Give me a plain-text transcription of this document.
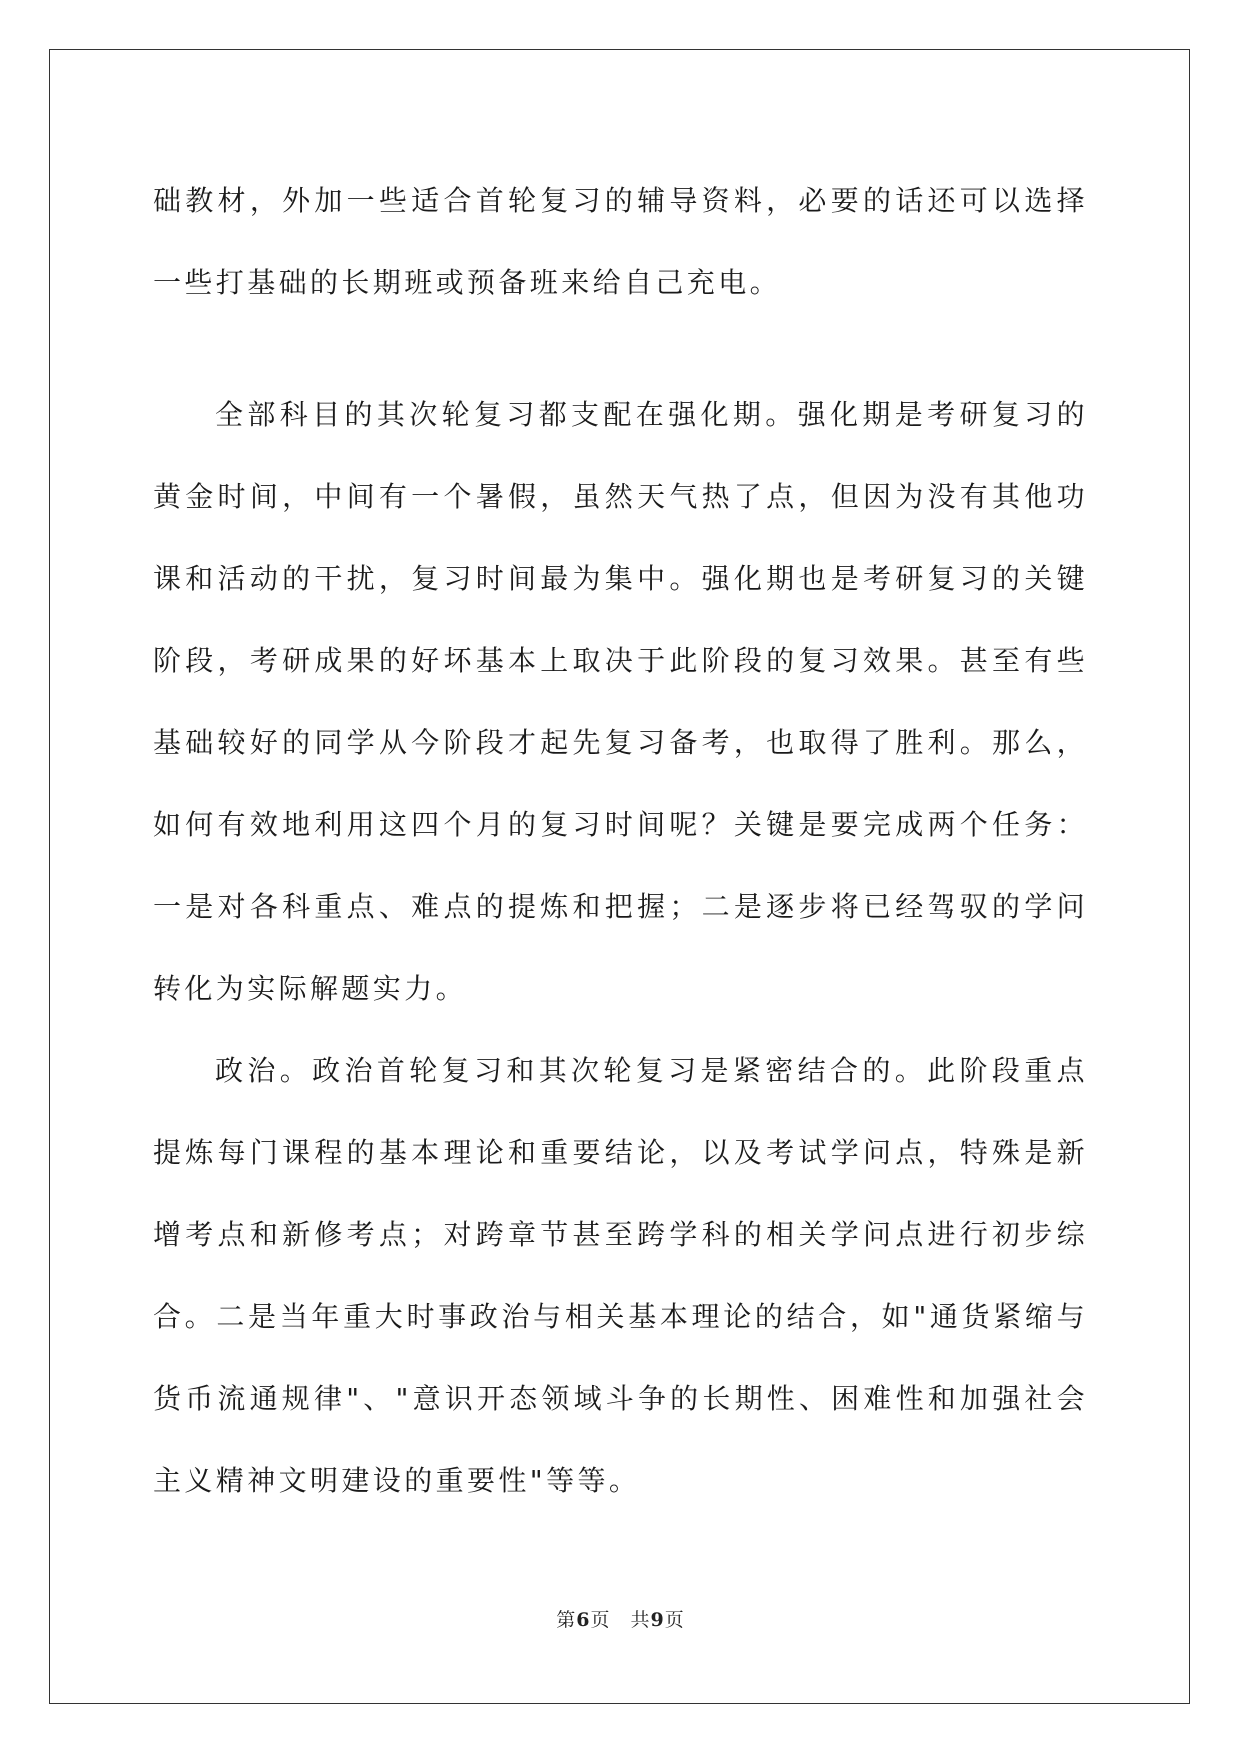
础教材，外加一些适合首轮复习的辅导资料，必要的话还可以选择一些打基础的长期班或预备班来给自己充电。

全部科目的其次轮复习都支配在强化期。强化期是考研复习的黄金时间，中间有一个暑假，虽然天气热了点，但因为没有其他功课和活动的干扰，复习时间最为集中。强化期也是考研复习的关键阶段，考研成果的好坏基本上取决于此阶段的复习效果。甚至有些基础较好的同学从今阶段才起先复习备考，也取得了胜利。那么，如何有效地利用这四个月的复习时间呢？关键是要完成两个任务：一是对各科重点、难点的提炼和把握；二是逐步将已经驾驭的学问转化为实际解题实力。

政治。政治首轮复习和其次轮复习是紧密结合的。此阶段重点提炼每门课程的基本理论和重要结论，以及考试学问点，特殊是新增考点和新修考点；对跨章节甚至跨学科的相关学问点进行初步综合。二是当年重大时事政治与相关基本理论的结合，如"通货紧缩与货币流通规律"、"意识开态领域斗争的长期性、困难性和加强社会主义精神文明建设的重要性"等等。

第6页　共9页
